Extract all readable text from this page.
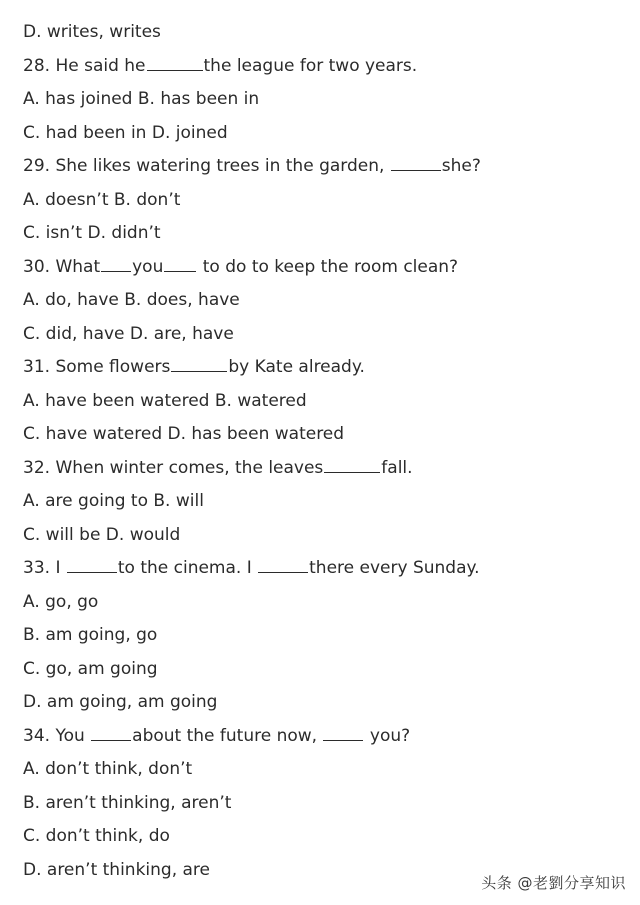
D. writes, writes
28. He said he	the league for two years.
A. has joined B. has been in
C. had been in D. joined
29. She likes watering trees in the garden,	she?
A. doesn’t B. don’t
C. isn’t D. didn’t
30. What you to do to keep the room clean?
A. do, have B. does, have
C. did, have D. are, have
31. Some flowers	by Kate already.
A. have been watered B. watered
C. have watered D. has been watered
32. When winter comes, the leaves	fall.
A. are going to B. will
C. will be D. would
33. I	to the cinema. I	there every Sunday.
A. go, go
B. am going, go
C. go, am going
D. am going, am going
34. You about the future now,  you?
A. don’t think, don’t
B. aren’t thinking, aren’t
C. don’t think, do
D. aren’t thinking, are
头条 @老劉分享知识
